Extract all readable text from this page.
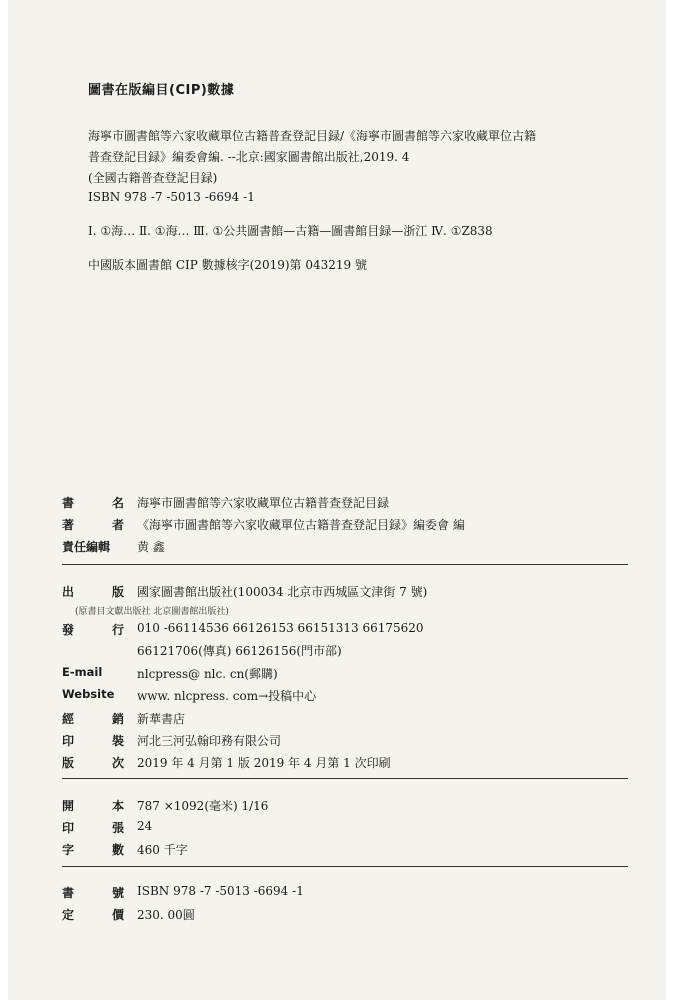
圖書在版編目(CIP)數據
海寧市圖書館等六家收藏單位古籍普查登記目録/《海寧市圖書館等六家收藏單位古籍
普查登記目録》編委會編. --北京:國家圖書館出版社,2019. 4
(全國古籍普查登記目録)
ISBN 978 -7 -5013 -6694 -1
Ⅰ. ①海… Ⅱ. ①海… Ⅲ. ①公共圖書館—古籍—圖書館目録—浙江 Ⅳ. ①Z838
中國版本圖書館 CIP 數據核字(2019)第 043219 號
書	名 海寧市圖書館等六家收藏單位古籍普查登記目録
著	者 《海寧市圖書館等六家收藏單位古籍普查登記目録》編委會 編
責任編輯	黄 鑫
出	版 國家圖書館出版社(100034 北京市西城區文津街 7 號)
(原書目文獻出版社 北京圖書館出版社)
發	行 010 -66114536 66126153 66151313 66175620
66121706(傳真) 66126156(門市部)
E-mail	nlcpress@ nlc. cn(郵購)
Website	www. nlcpress. com→投稿中心
經	銷 新華書店
印	裝 河北三河弘翰印務有限公司
版	次 2019 年 4 月第 1 版 2019 年 4 月第 1 次印刷
開	本 787 ×1092(毫米) 1/16
印	張 24
字	數 460 千字
書	號 ISBN 978 -7 -5013 -6694 -1
定	價 230. 00圓
